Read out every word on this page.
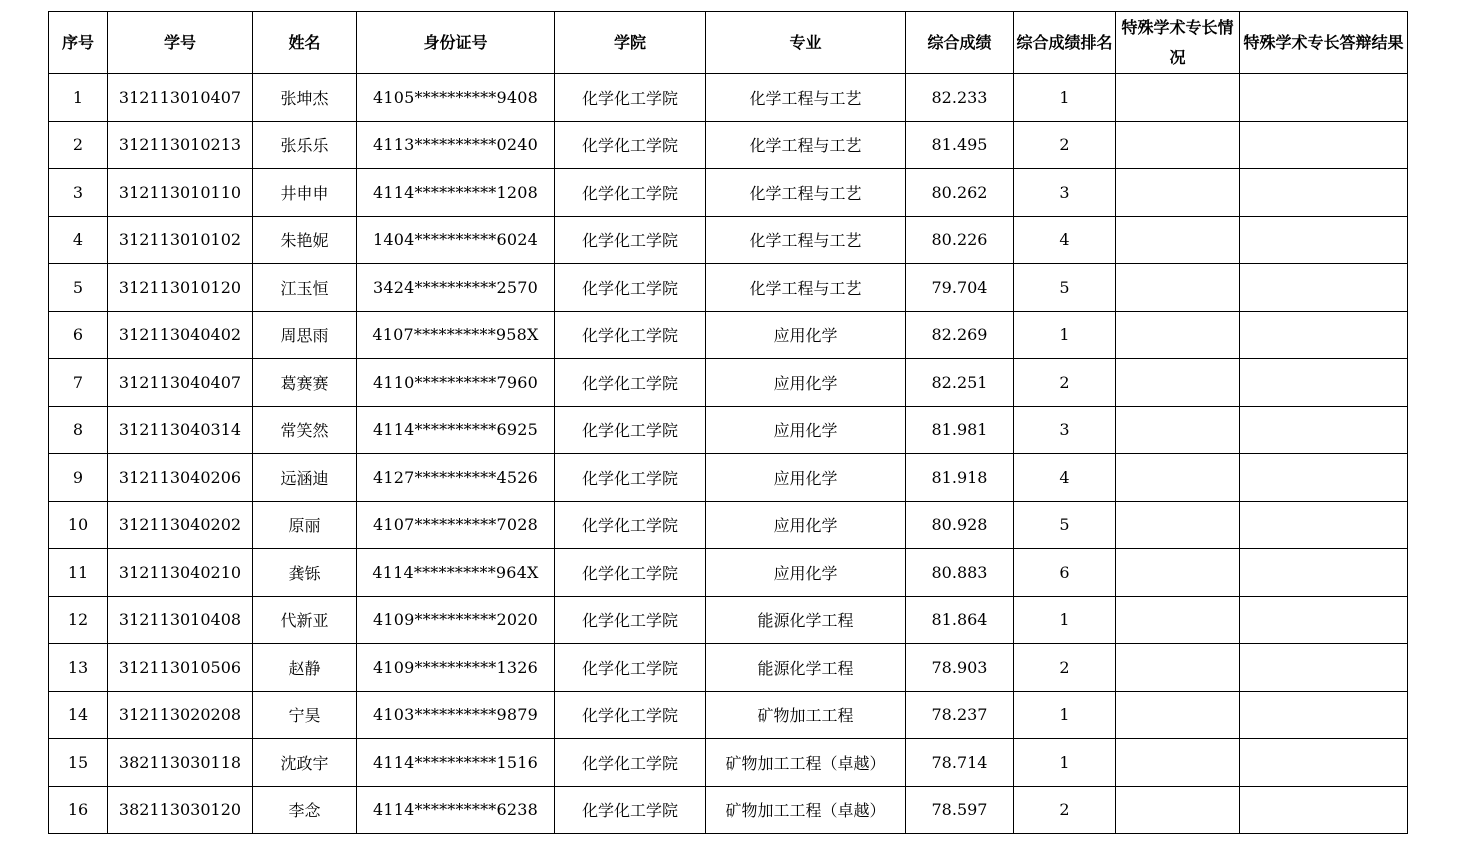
序号	学号	姓名	身份证号	学院	专业	综合成绩	综合成绩排名	特殊学术专长情况	特殊学术专长答辩结果
1	312113010407	张坤杰	4105**********9408	化学化工学院	化学工程与工艺	82.233	1		
2	312113010213	张乐乐	4113**********0240	化学化工学院	化学工程与工艺	81.495	2		
3	312113010110	井申申	4114**********1208	化学化工学院	化学工程与工艺	80.262	3		
4	312113010102	朱艳妮	1404**********6024	化学化工学院	化学工程与工艺	80.226	4		
5	312113010120	江玉恒	3424**********2570	化学化工学院	化学工程与工艺	79.704	5		
6	312113040402	周思雨	4107**********958X	化学化工学院	应用化学	82.269	1		
7	312113040407	葛赛赛	4110**********7960	化学化工学院	应用化学	82.251	2		
8	312113040314	常笑然	4114**********6925	化学化工学院	应用化学	81.981	3		
9	312113040206	远涵迪	4127**********4526	化学化工学院	应用化学	81.918	4		
10	312113040202	原丽	4107**********7028	化学化工学院	应用化学	80.928	5		
11	312113040210	龚铄	4114**********964X	化学化工学院	应用化学	80.883	6		
12	312113010408	代新亚	4109**********2020	化学化工学院	能源化学工程	81.864	1		
13	312113010506	赵静	4109**********1326	化学化工学院	能源化学工程	78.903	2		
14	312113020208	宁昊	4103**********9879	化学化工学院	矿物加工工程	78.237	1		
15	382113030118	沈政宇	4114**********1516	化学化工学院	矿物加工工程（卓越）	78.714	1		
16	382113030120	李念	4114**********6238	化学化工学院	矿物加工工程（卓越）	78.597	2		
